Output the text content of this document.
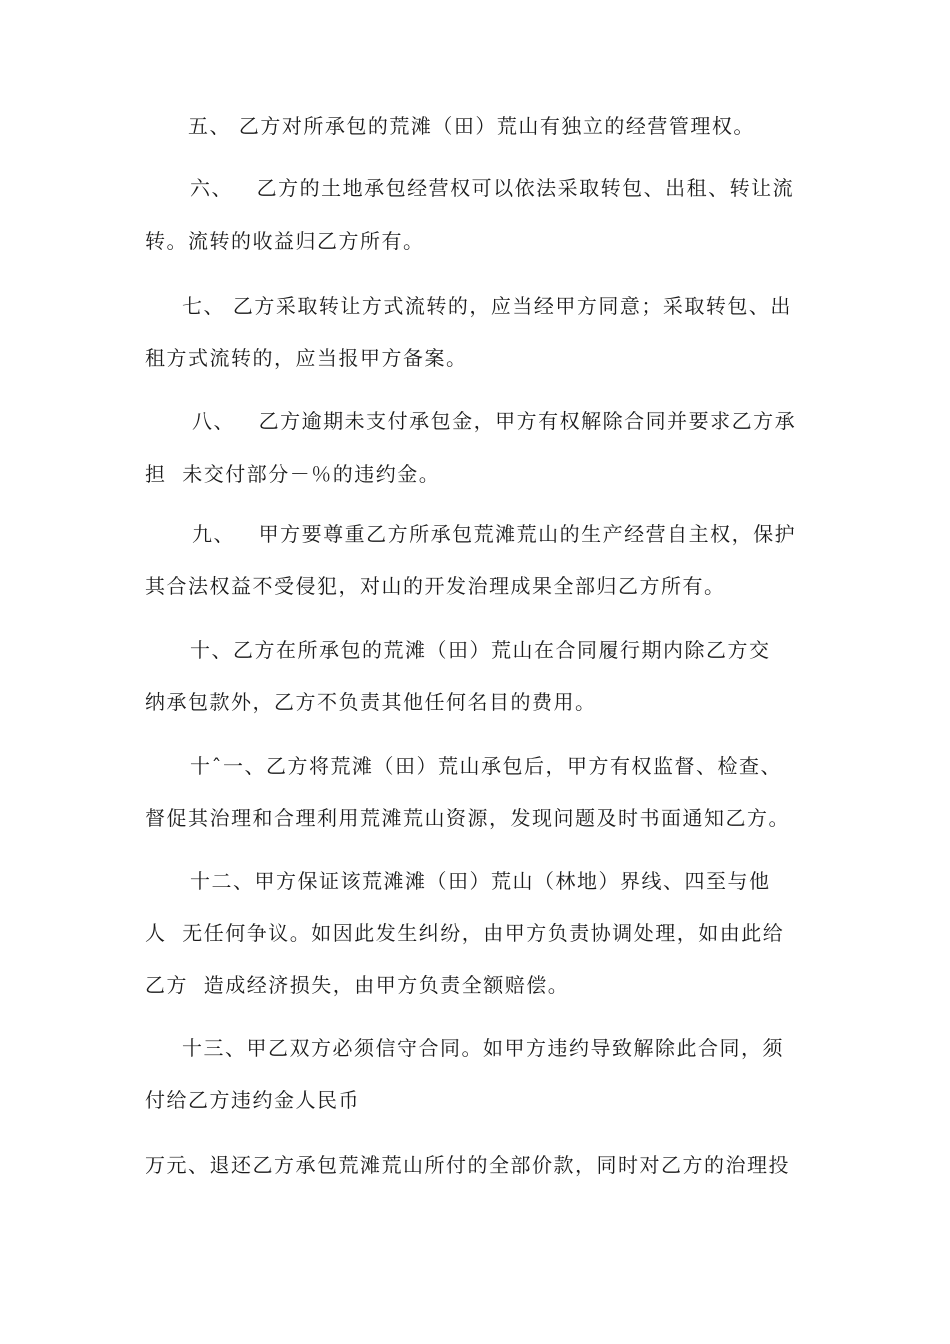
五、 乙方对所承包的荒滩（田）荒山有独立的经营管理权。
六、   乙方的土地承包经营权可以依法采取转包、出租、转让流
转。流转的收益归乙方所有。
七、 乙方采取转让方式流转的，应当经甲方同意；采取转包、出
租方式流转的，应当报甲方备案。
八、   乙方逾期未支付承包金，甲方有权解除合同并要求乙方承
担  未交付部分－％的违约金。
九、   甲方要尊重乙方所承包荒滩荒山的生产经营自主权，保护
其合法权益不受侵犯，对山的开发治理成果全部归乙方所有。
十、乙方在所承包的荒滩（田）荒山在合同履行期内除乙方交
纳承包款外，乙方不负责其他任何名目的费用。
十ˆ一、乙方将荒滩（田）荒山承包后，甲方有权监督、检查、
督促其治理和合理利用荒滩荒山资源，发现问题及时书面通知乙方。
十二、甲方保证该荒滩滩（田）荒山（林地）界线、四至与他
人  无任何争议。如因此发生纠纷，由甲方负责协调处理，如由此给
乙方  造成经济损失，由甲方负责全额赔偿。
十三、甲乙双方必须信守合同。如甲方违约导致解除此合同，须
付给乙方违约金人民币
万元、退还乙方承包荒滩荒山所付的全部价款，同时对乙方的治理投
